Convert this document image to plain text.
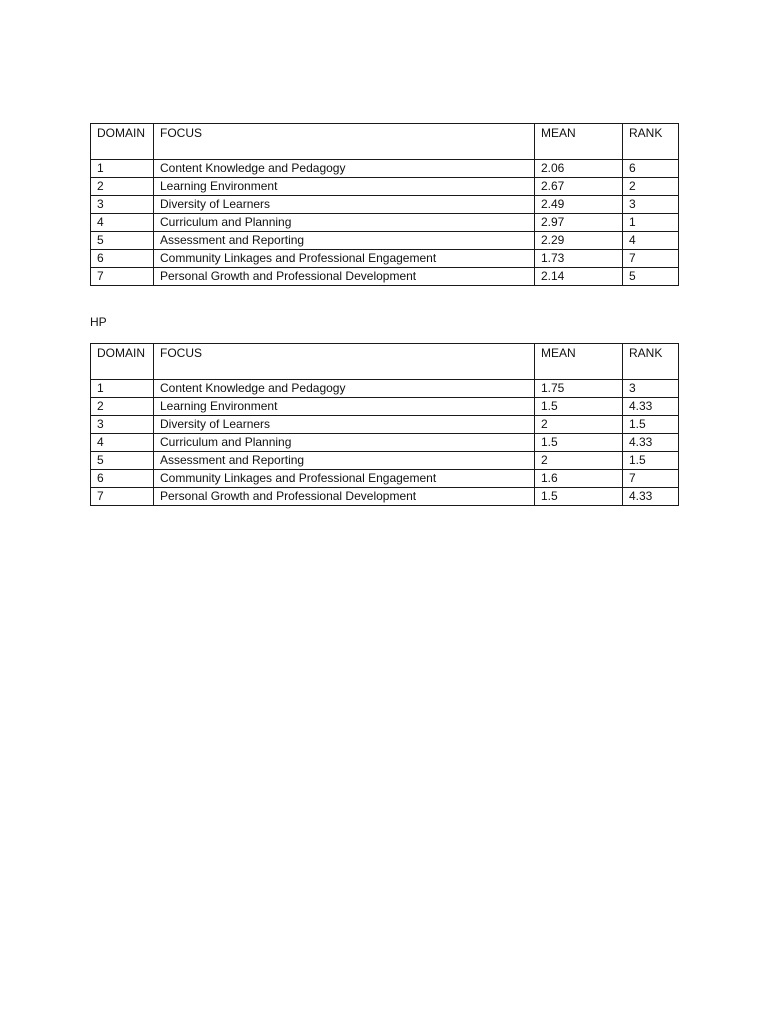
DOMAIN	FOCUS	MEAN	RANK
1	Content Knowledge and Pedagogy	2.06	6
2	Learning Environment	2.67	2
3	Diversity of Learners	2.49	3
4	Curriculum and Planning	2.97	1
5	Assessment and Reporting	2.29	4
6	Community Linkages and Professional Engagement	1.73	7
7	Personal Growth and Professional Development	2.14	5
HP
DOMAIN	FOCUS	MEAN	RANK
1	Content Knowledge and Pedagogy	1.75	3
2	Learning Environment	1.5	4.33
3	Diversity of Learners	2	1.5
4	Curriculum and Planning	1.5	4.33
5	Assessment and Reporting	2	1.5
6	Community Linkages and Professional Engagement	1.6	7
7	Personal Growth and Professional Development	1.5	4.33
